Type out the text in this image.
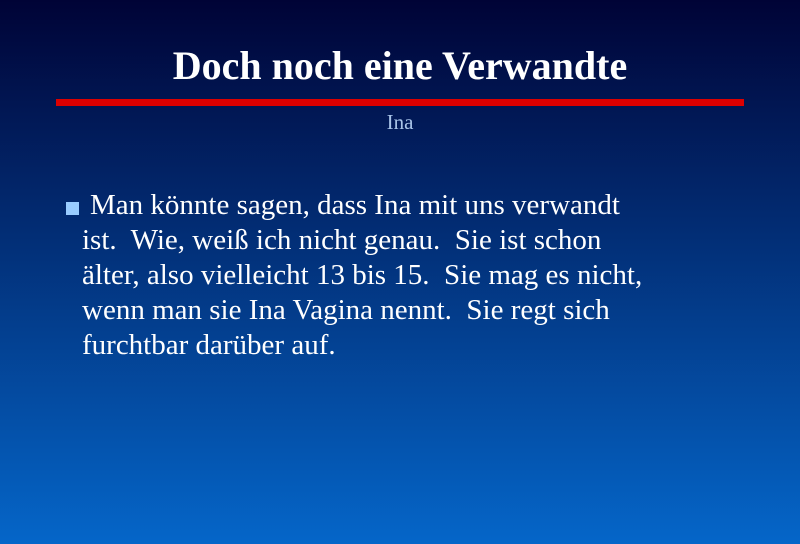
Doch noch eine Verwandte
Ina
Man könnte sagen, dass Ina mit uns verwandt
ist.  Wie, weiß ich nicht genau.  Sie ist schon
älter, also vielleicht 13 bis 15.  Sie mag es nicht,
wenn man sie Ina Vagina nennt.  Sie regt sich
furchtbar darüber auf.
